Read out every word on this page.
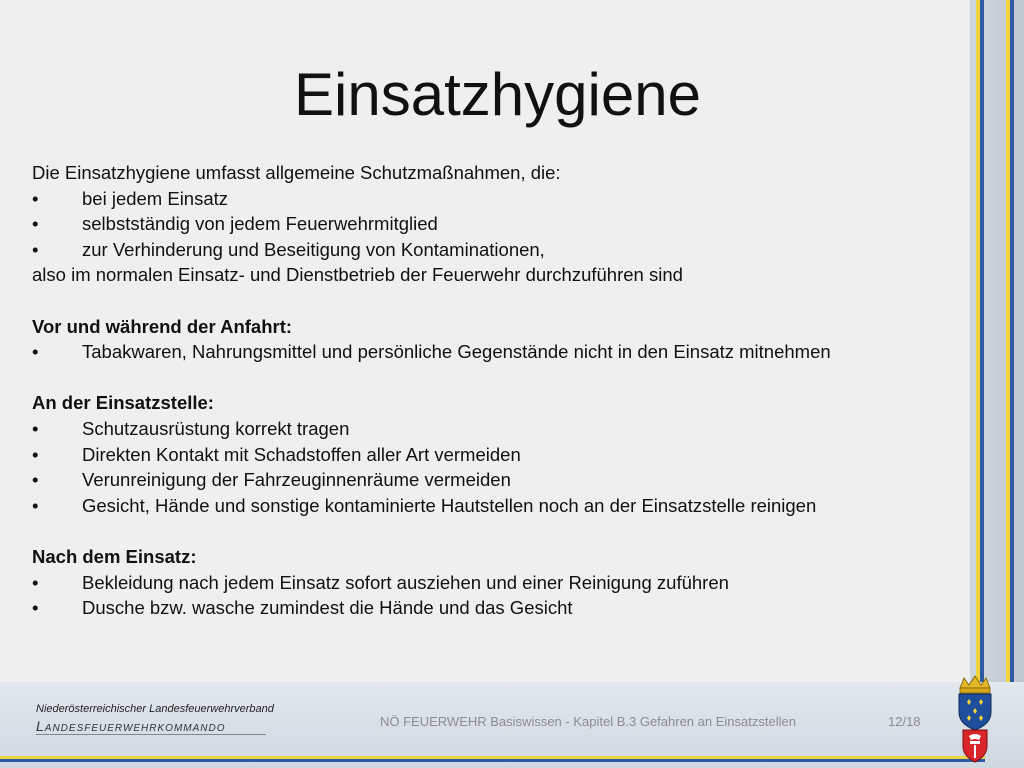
Einsatzhygiene
Die Einsatzhygiene umfasst allgemeine Schutzmaßnahmen, die:
• bei jedem Einsatz
• selbstständig von jedem Feuerwehrmitglied
• zur Verhinderung und Beseitigung von Kontaminationen,
also im normalen Einsatz- und Dienstbetrieb der Feuerwehr durchzuführen sind
Vor und während der Anfahrt:
• Tabakwaren, Nahrungsmittel und persönliche Gegenstände nicht in den Einsatz mitnehmen
An der Einsatzstelle:
• Schutzausrüstung korrekt tragen
• Direkten Kontakt mit Schadstoffen aller Art vermeiden
• Verunreinigung der Fahrzeuginnenräume vermeiden
• Gesicht, Hände und sonstige kontaminierte Hautstellen noch an der Einsatzstelle reinigen
Nach dem Einsatz:
• Bekleidung nach jedem Einsatz sofort ausziehen und einer Reinigung zuführen
• Dusche bzw. wasche zumindest die Hände und das Gesicht
Niederösterreichischer Landesfeuerwehrverband
Landesfeuerwehrkommando	NÖ FEUERWEHR Basiswissen - Kapitel B.3 Gefahren an Einsatzstellen	12/18
